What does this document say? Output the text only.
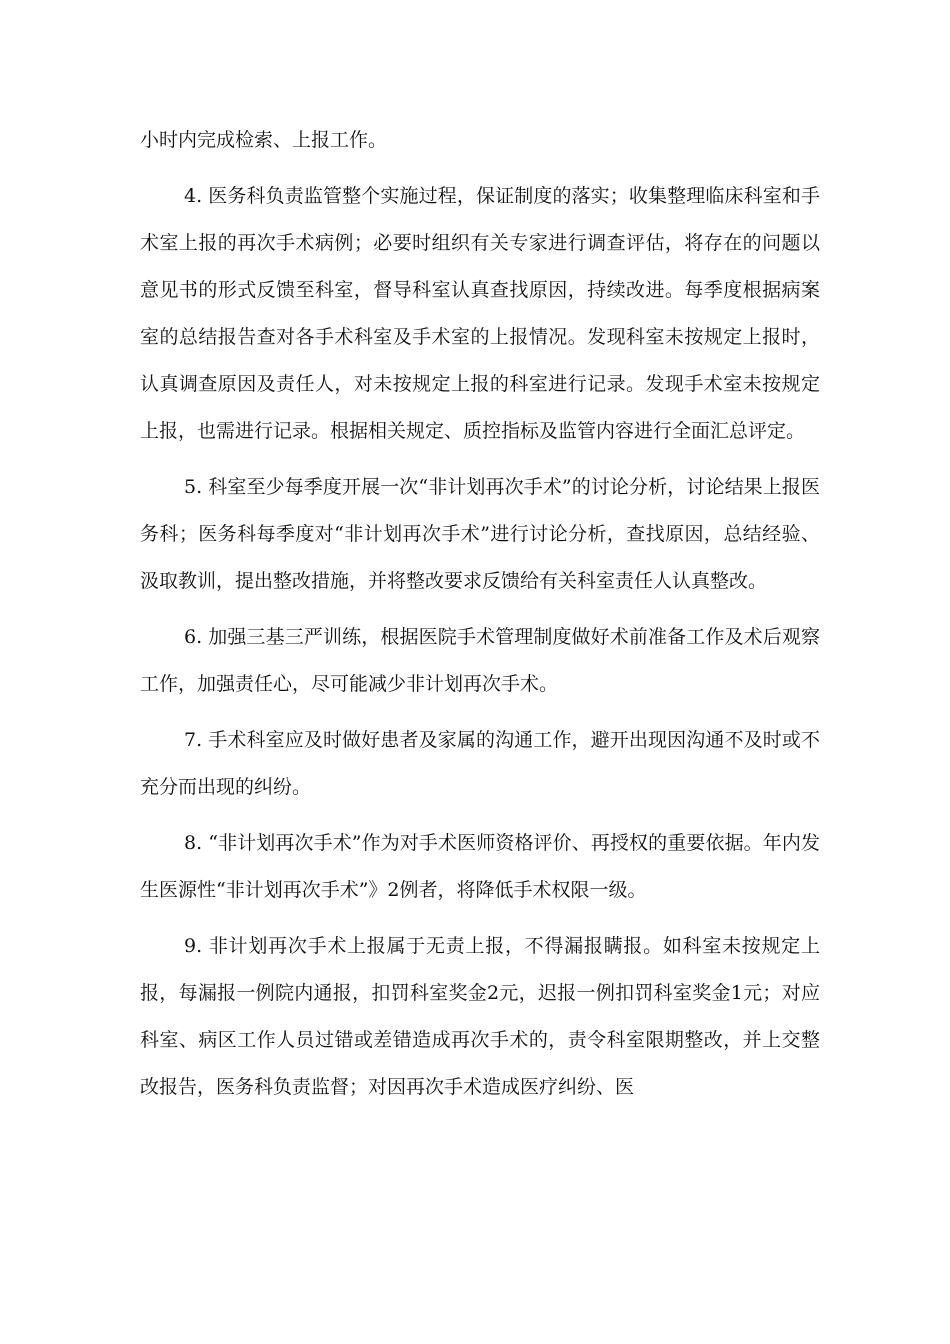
小时内完成检索、上报工作。

4. 医务科负责监管整个实施过程，保证制度的落实；收集整理临床科室和手术室上报的再次手术病例；必要时组织有关专家进行调查评估，将存在的问题以意见书的形式反馈至科室，督导科室认真查找原因，持续改进。每季度根据病案室的总结报告查对各手术科室及手术室的上报情况。发现科室未按规定上报时，认真调查原因及责任人，对未按规定上报的科室进行记录。发现手术室未按规定上报，也需进行记录。根据相关规定、质控指标及监管内容进行全面汇总评定。

5. 科室至少每季度开展一次“非计划再次手术”的讨论分析，讨论结果上报医务科；医务科每季度对“非计划再次手术”进行讨论分析，查找原因，总结经验、汲取教训，提出整改措施，并将整改要求反馈给有关科室责任人认真整改。

6. 加强三基三严训练，根据医院手术管理制度做好术前准备工作及术后观察工作，加强责任心，尽可能减少非计划再次手术。

7. 手术科室应及时做好患者及家属的沟通工作，避开出现因沟通不及时或不充分而出现的纠纷。

8. “非计划再次手术”作为对手术医师资格评价、再授权的重要依据。年内发生医源性“非计划再次手术”》2例者，将降低手术权限一级。

9. 非计划再次手术上报属于无责上报，不得漏报瞒报。如科室未按规定上报，每漏报一例院内通报，扣罚科室奖金2元，迟报一例扣罚科室奖金1元；对应科室、病区工作人员过错或差错造成再次手术的，责令科室限期整改，并上交整改报告，医务科负责监督；对因再次手术造成医疗纠纷、医
